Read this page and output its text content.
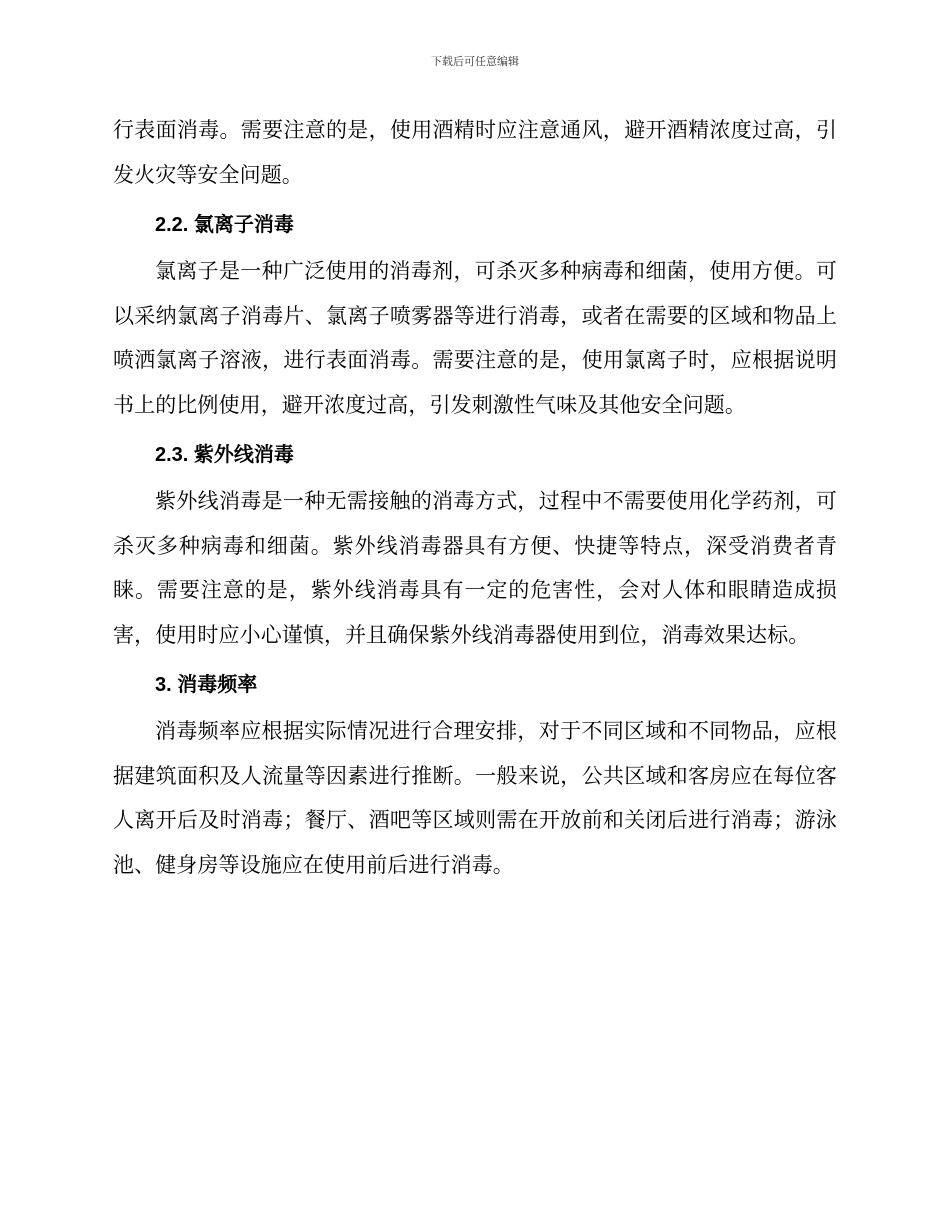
下载后可任意编辑

行表面消毒。需要注意的是，使用酒精时应注意通风，避开酒精浓度过高，引发火灾等安全问题。

2.2. 氯离子消毒

氯离子是一种广泛使用的消毒剂，可杀灭多种病毒和细菌，使用方便。可以采纳氯离子消毒片、氯离子喷雾器等进行消毒，或者在需要的区域和物品上喷洒氯离子溶液，进行表面消毒。需要注意的是，使用氯离子时，应根据说明书上的比例使用，避开浓度过高，引发刺激性气味及其他安全问题。

2.3. 紫外线消毒

紫外线消毒是一种无需接触的消毒方式，过程中不需要使用化学药剂，可杀灭多种病毒和细菌。紫外线消毒器具有方便、快捷等特点，深受消费者青睐。需要注意的是，紫外线消毒具有一定的危害性，会对人体和眼睛造成损害，使用时应小心谨慎，并且确保紫外线消毒器使用到位，消毒效果达标。

3. 消毒频率

消毒频率应根据实际情况进行合理安排，对于不同区域和不同物品，应根据建筑面积及人流量等因素进行推断。一般来说，公共区域和客房应在每位客人离开后及时消毒；餐厅、酒吧等区域则需在开放前和关闭后进行消毒；游泳池、健身房等设施应在使用前后进行消毒。
